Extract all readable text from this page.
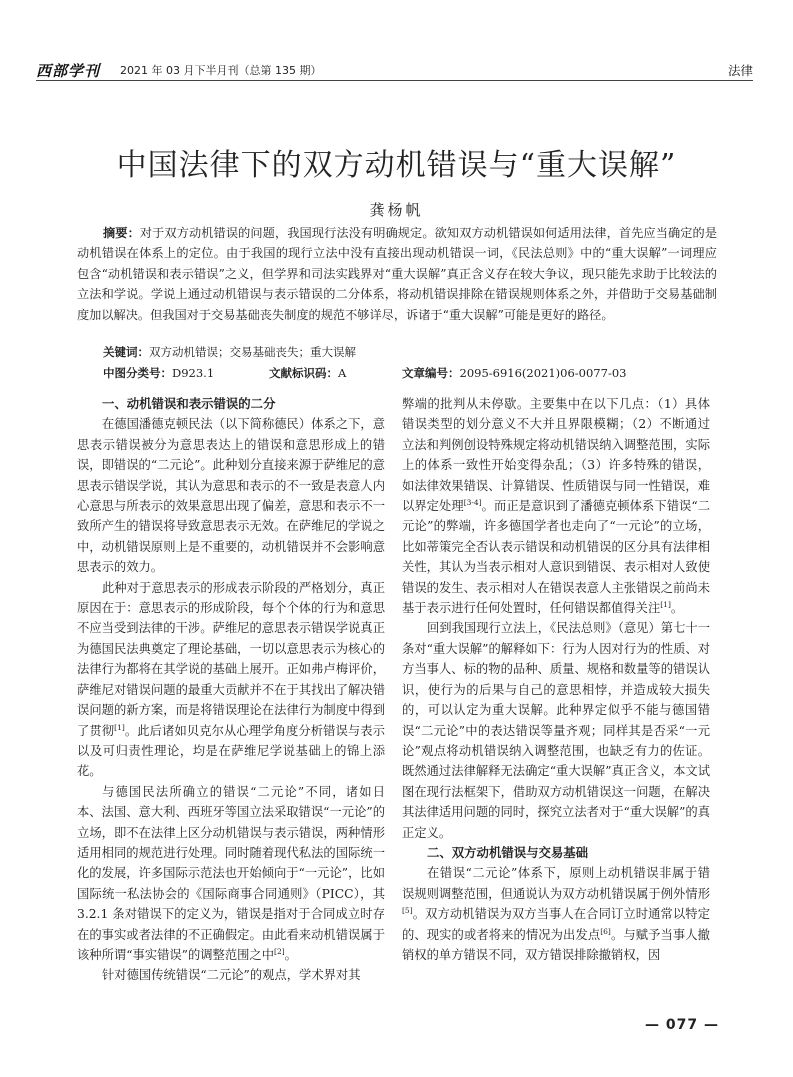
西部学刊 2021 年 03 月下半月刊（总第 135 期）	法律
中国法律下的双方动机错误与“重大误解”
龚杨帆
摘要：对于双方动机错误的问题，我国现行法没有明确规定。欲知双方动机错误如何适用法律，首先应当确定的是动机错误在体系上的定位。由于我国的现行立法中没有直接出现动机错误一词，《民法总则》中的“重大误解”一词理应包含“动机错误和表示错误”之义，但学界和司法实践界对“重大误解”真正含义存在较大争议，现只能先求助于比较法的立法和学说。学说上通过动机错误与表示错误的二分体系，将动机错误排除在错误规则体系之外，并借助于交易基础制度加以解决。但我国对于交易基础丧失制度的规范不够详尽，诉诸于“重大误解”可能是更好的路径。
关键词：双方动机错误；交易基础丧失；重大误解
中图分类号：D923.1	文献标识码：A	文章编号：2095-6916(2021)06-0077-03
一、动机错误和表示错误的二分

在德国潘德克顿民法（以下简称德民）体系之下，意思表示错误被分为意思表达上的错误和意思形成上的错误，即错误的“二元论”。此种划分直接来源于萨维尼的意思表示错误学说，其认为意思和表示的不一致是表意人内心意思与所表示的效果意思出现了偏差，意思和表示不一致所产生的错误将导致意思表示无效。在萨维尼的学说之中，动机错误原则上是不重要的，动机错误并不会影响意思表示的效力。

此种对于意思表示的形成表示阶段的严格划分，真正原因在于：意思表示的形成阶段，每个个体的行为和意思不应当受到法律的干涉。萨维尼的意思表示错误学说真正为德国民法典奠定了理论基础，一切以意思表示为核心的法律行为都将在其学说的基础上展开。正如弗卢梅评价，萨维尼对错误问题的最重大贡献并不在于其找出了解决错误问题的新方案，而是将错误理论在法律行为制度中得到了贯彻[1]。此后诸如贝克尔从心理学角度分析错误与表示以及可归责性理论，均是在萨维尼学说基础上的锦上添花。

与德国民法所确立的错误“二元论”不同，诸如日本、法国、意大利、西班牙等国立法采取错误“一元论”的立场，即不在法律上区分动机错误与表示错误，两种情形适用相同的规范进行处理。同时随着现代私法的国际统一化的发展，许多国际示范法也开始倾向于“一元论”，比如国际统一私法协会的《国际商事合同通则》（PICC），其 3.2.1 条对错误下的定义为，错误是指对于合同成立时存在的事实或者法律的不正确假定。由此看来动机错误属于该种所谓“事实错误”的调整范围之中[2]。

针对德国传统错误“二元论”的观点，学术界对其

弊端的批判从未停歇。主要集中在以下几点：（1）具体错误类型的划分意义不大并且界限模糊；（2）不断通过立法和判例创设特殊规定将动机错误纳入调整范围，实际上的体系一致性开始变得杂乱；（3）许多特殊的错误，如法律效果错误、计算错误、性质错误与同一性错误，难以界定处理[3-4]。而正是意识到了潘德克顿体系下错误“二元论”的弊端，许多德国学者也走向了“一元论”的立场，比如蒂策完全否认表示错误和动机错误的区分具有法律相关性，其认为当表示相对人意识到错误、表示相对人致使错误的发生、表示相对人在错误表意人主张错误之前尚未基于表示进行任何处置时，任何错误都值得关注[1]。

回到我国现行立法上，《民法总则》（意见）第七十一条对“重大误解”的解释如下：行为人因对行为的性质、对方当事人、标的物的品种、质量、规格和数量等的错误认识，使行为的后果与自己的意思相悖，并造成较大损失的，可以认定为重大误解。此种界定似乎不能与德国错误“二元论”中的表达错误等量齐观；同样其是否采“一元论”观点将动机错误纳入调整范围，也缺乏有力的佐证。既然通过法律解释无法确定“重大误解”真正含义，本文试图在现行法框架下，借助双方动机错误这一问题，在解决其法律适用问题的同时，探究立法者对于“重大误解”的真正定义。

二、双方动机错误与交易基础

在错误“二元论”体系下，原则上动机错误非属于错误规则调整范围，但通说认为双方动机错误属于例外情形[5]。双方动机错误为双方当事人在合同订立时通常以特定的、现实的或者将来的情况为出发点[6]。与赋予当事人撤销权的单方错误不同，双方错误排除撤销权，因

— 077 —
